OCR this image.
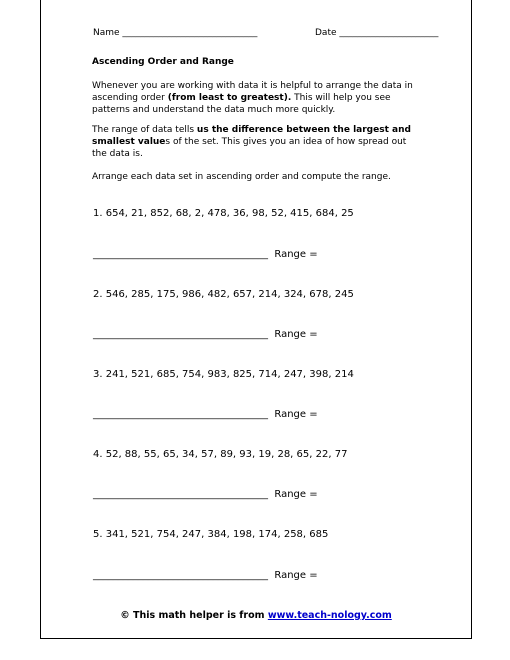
Name ______________________________	Date ______________________
Ascending Order and Range
Whenever you are working with data it is helpful to arrange the data in ascending order (from least to greatest). This will help you see patterns and understand the data much more quickly.
The range of data tells us the difference between the largest and smallest values of the set. This gives you an idea of how spread out the data is.
Arrange each data set in ascending order and compute the range.
1. 654, 21, 852, 68, 2, 478, 36, 98, 52, 415, 684, 25
___________________________________  Range =
2. 546, 285, 175, 986, 482, 657, 214, 324, 678, 245
___________________________________  Range =
3. 241, 521, 685, 754, 983, 825, 714, 247, 398, 214
___________________________________  Range =
4. 52, 88, 55, 65, 34, 57, 89, 93, 19, 28, 65, 22, 77
___________________________________  Range =
5. 341, 521, 754, 247, 384, 198, 174, 258, 685
___________________________________  Range =
© This math helper is from www.teach-nology.com
